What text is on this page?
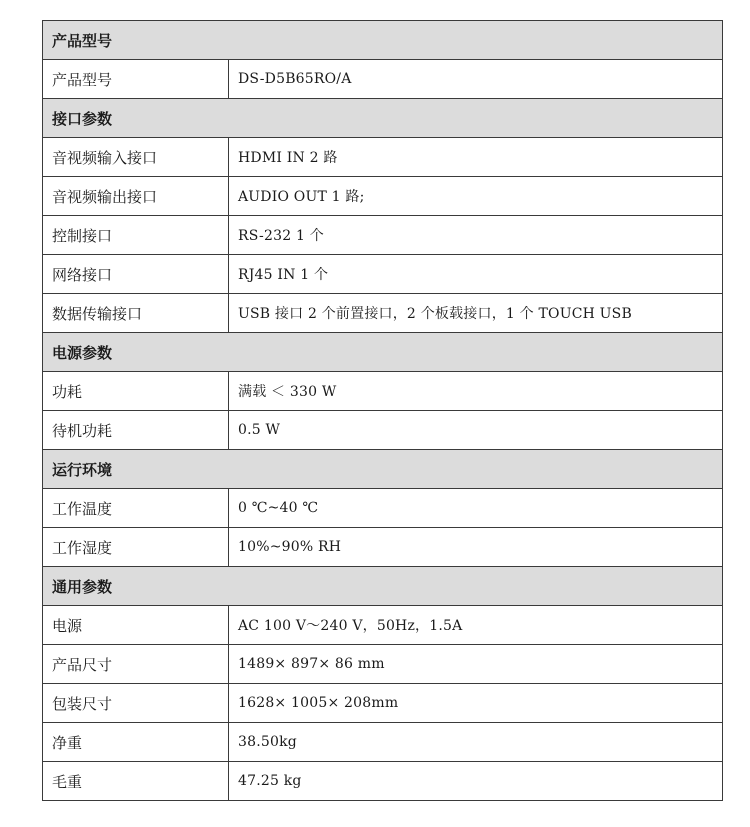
产品型号	
产品型号	DS-D5B65RO/A
接口参数	
音视频输入接口	HDMI IN 2 路
音视频输出接口	AUDIO OUT 1 路;
控制接口	RS-232 1 个
网络接口	RJ45 IN 1 个
数据传输接口	USB 接口 2 个前置接口，2 个板载接口，1 个 TOUCH USB
电源参数	
功耗	满载 ＜ 330 W
待机功耗	0.5 W
运行环境	
工作温度	0 ℃~40 ℃
工作湿度	10%~90% RH
通用参数	
电源	AC 100 V～240 V，50Hz，1.5A
产品尺寸	1489× 897× 86 mm
包装尺寸	1628× 1005× 208mm
净重	38.50kg
毛重	47.25 kg
